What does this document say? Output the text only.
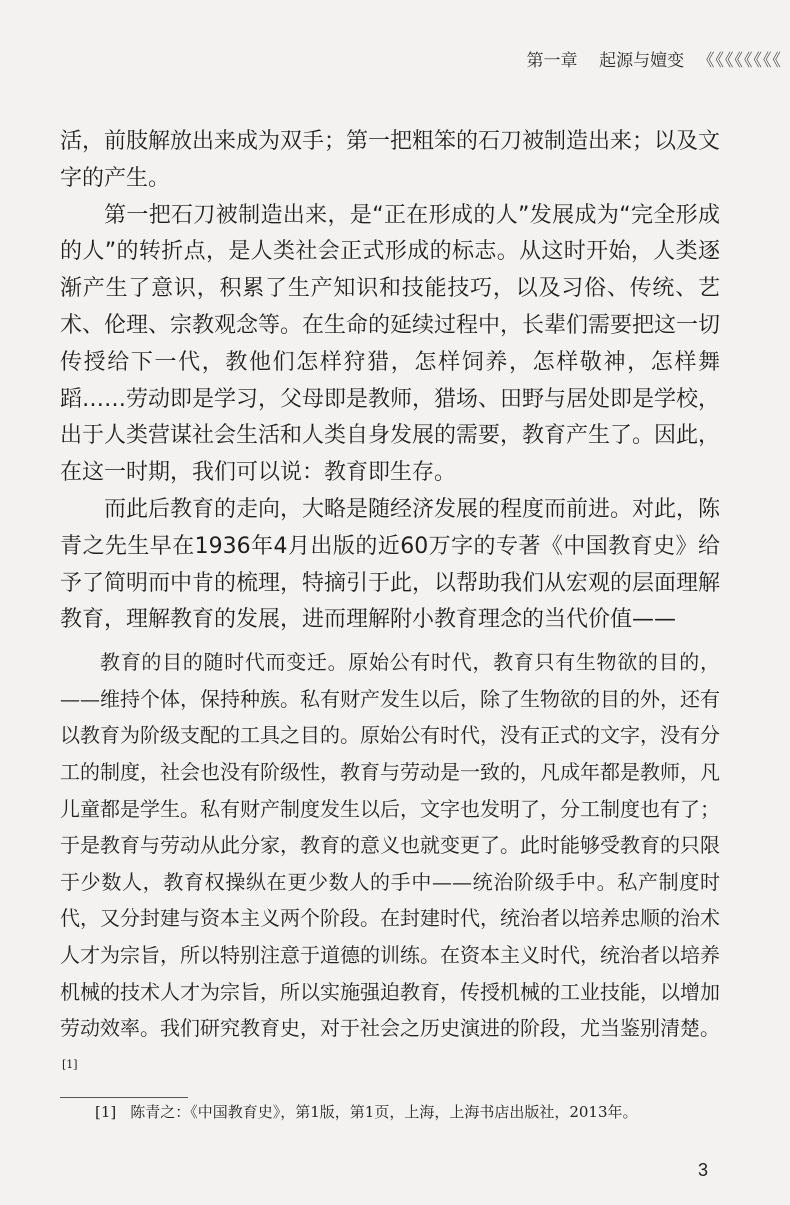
第一章 起源与嬗变 《《《《《《《《

活，前肢解放出来成为双手；第一把粗笨的石刀被制造出来；以及文字的产生。

第一把石刀被制造出来，是“正在形成的人”发展成为“完全形成的人”的转折点，是人类社会正式形成的标志。从这时开始，人类逐渐产生了意识，积累了生产知识和技能技巧，以及习俗、传统、艺术、伦理、宗教观念等。在生命的延续过程中，长辈们需要把这一切传授给下一代，教他们怎样狩猎，怎样饲养，怎样敬神，怎样舞蹈……劳动即是学习，父母即是教师，猎场、田野与居处即是学校，出于人类营谋社会生活和人类自身发展的需要，教育产生了。因此，在这一时期，我们可以说：教育即生存。

而此后教育的走向，大略是随经济发展的程度而前进。对此，陈青之先生早在1936年4月出版的近60万字的专著《中国教育史》给予了简明而中肯的梳理，特摘引于此，以帮助我们从宏观的层面理解教育，理解教育的发展，进而理解附小教育理念的当代价值——

教育的目的随时代而变迁。原始公有时代，教育只有生物欲的目的，——维持个体，保持种族。私有财产发生以后，除了生物欲的目的外，还有以教育为阶级支配的工具之目的。原始公有时代，没有正式的文字，没有分工的制度，社会也没有阶级性，教育与劳动是一致的，凡成年都是教师，凡儿童都是学生。私有财产制度发生以后，文字也发明了，分工制度也有了；于是教育与劳动从此分家，教育的意义也就变更了。此时能够受教育的只限于少数人，教育权操纵在更少数人的手中——统治阶级手中。私产制度时代，又分封建与资本主义两个阶段。在封建时代，统治者以培养忠顺的治术人才为宗旨，所以特别注意于道德的训练。在资本主义时代，统治者以培养机械的技术人才为宗旨，所以实施强迫教育，传授机械的工业技能，以增加劳动效率。我们研究教育史，对于社会之历史演进的阶段，尤当鉴别清楚。[1]

[1] 陈青之：《中国教育史》，第1版，第1页，上海，上海书店出版社，2013年。
3
